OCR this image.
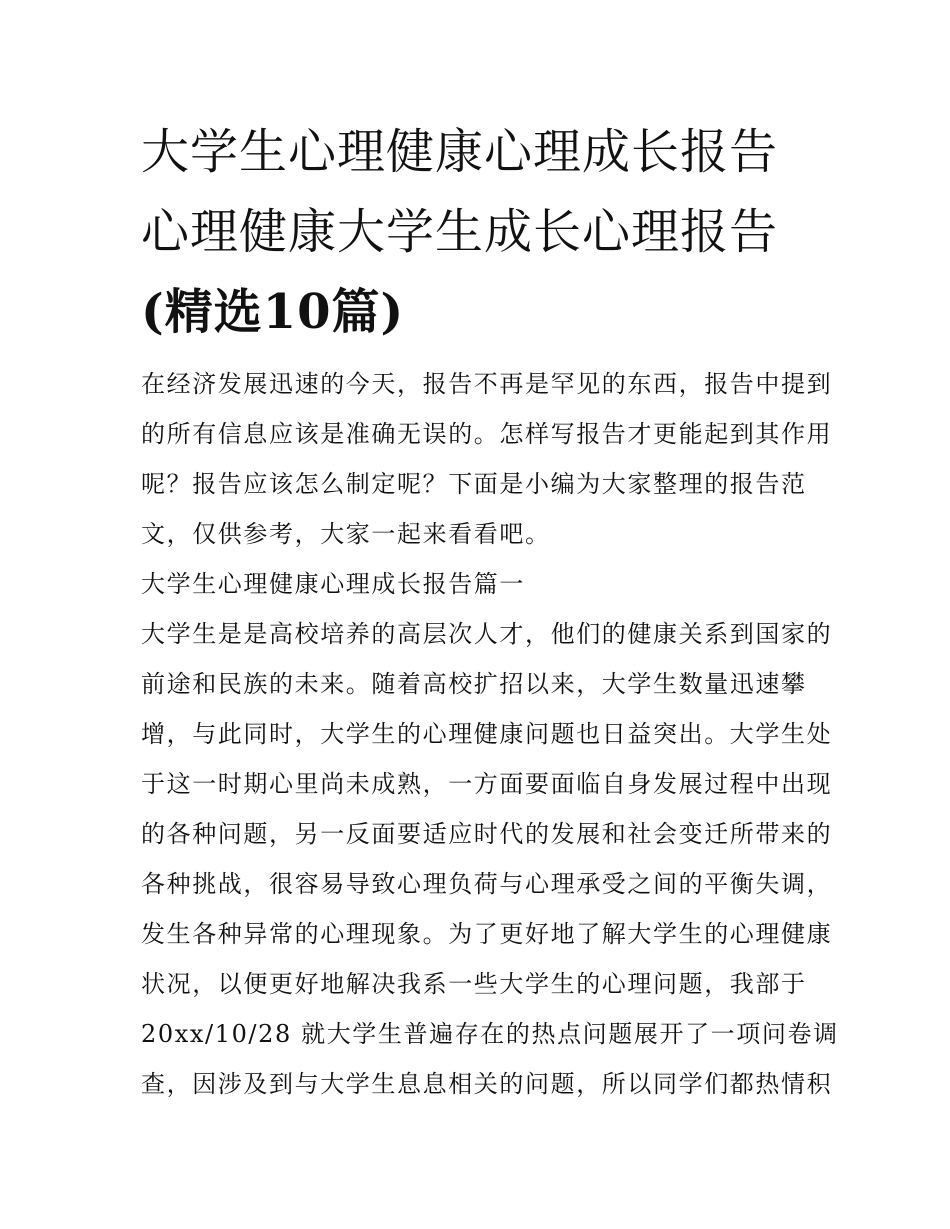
大学生心理健康心理成长报告
心理健康大学生成长心理报告
(精选10篇)
在经济发展迅速的今天，报告不再是罕见的东西，报告中提到
的所有信息应该是准确无误的。怎样写报告才更能起到其作用
呢？报告应该怎么制定呢？下面是小编为大家整理的报告范
文，仅供参考，大家一起来看看吧。
大学生心理健康心理成长报告篇一
大学生是是高校培养的高层次人才，他们的健康关系到国家的
前途和民族的未来。随着高校扩招以来，大学生数量迅速攀
增，与此同时，大学生的心理健康问题也日益突出。大学生处
于这一时期心里尚未成熟，一方面要面临自身发展过程中出现
的各种问题，另一反面要适应时代的发展和社会变迁所带来的
各种挑战，很容易导致心理负荷与心理承受之间的平衡失调，
发生各种异常的心理现象。为了更好地了解大学生的心理健康
状况，以便更好地解决我系一些大学生的心理问题，我部于
20xx/10/28 就大学生普遍存在的热点问题展开了一项问卷调
查，因涉及到与大学生息息相关的问题，所以同学们都热情积
